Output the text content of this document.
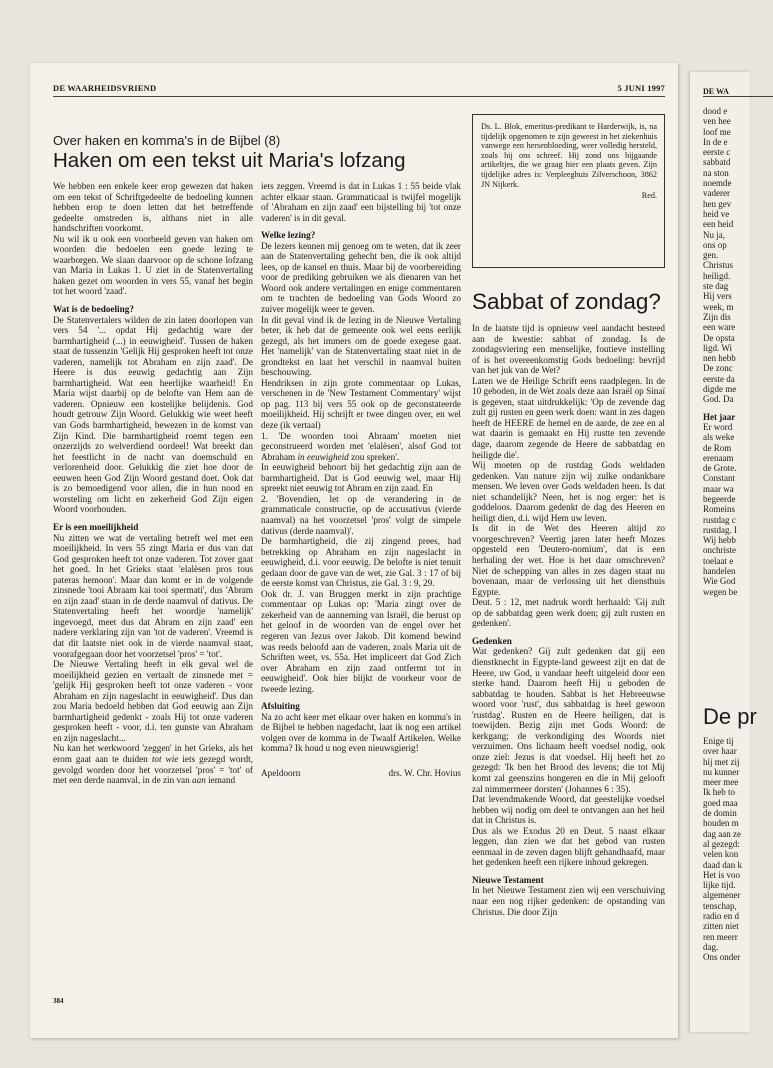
DE WAARHEIDSVRIEND	5 JUNI 1997
Over haken en komma's in de Bijbel (8)
Haken om een tekst uit Maria's lofzang

We hebben een enkele keer erop gewezen dat haken om een tekst of Schriftgedeelte de bedoeling kunnen hebben erop te doen letten dat het betreffende gedeelte omstreden is, althans niet in alle handschriften voorkomt.

Nu wil ik u ook een voorbeeld geven van haken om woorden die bedoelen een goede lezing te waarborgen. We slaan daarvoor op de schone lofzang van Maria in Lukas 1. U ziet in de Statenvertaling haken gezet om woorden in vers 55, vanaf het begin tot het woord 'zaad'.

Wat is de bedoeling?

De Statenvertalers wilden de zin laten doorlopen van vers 54 '... opdat Hij gedachtig ware der barmhartigheid (...) in eeuwigheid'. Tussen de haken staat de tussenzin 'Gelijk Hij gesproken heeft tot onze vaderen, namelijk tot Abraham en zijn zaad'. De Heere is dus eeuwig gedachtig aan Zijn barmhartigheid. Wat een heerlijke waarheid! En Maria wijst daarbij op de belofte van Hem aan de vaderen. Opnieuw een kostelijke belijdenis. God houdt getrouw Zijn Woord. Gelukkig wie weet heeft van Gods barmhartigheid, bewezen in de komst van Zijn Kind. Die barmhartigheid roemt tegen een onzerzijds zo welverdiend oordeel! Wat breekt dan het feestlicht in de nacht van doemschuld en verlorenheid door. Gelukkig die ziet hoe door de eeuwen heen God Zijn Woord gestand doet. Ook dat is zo bemoedigend voor allen, die in hun nood en worsteling om licht en zekerheid God Zijn eigen Woord voorhouden.

Er is een moeilijkheid

Nu zitten we wat de vertaling betreft wel met een moeilijkheid. In vers 55 zingt Maria er dus van dat God gesproken heeft tot onze vaderen. Tot zover gaat het goed. In het Grieks staat 'elalèsen pros tous pateras hemoon'. Maar dan komt er in de volgende zinsnede 'tooi Abraam kai tooi spermati', dus 'Abram en zijn zaad' staan in de derde naamval of dativus. De Statenvertaling heeft het woordje 'namelijk' ingevoegd, meet dus dat Abram en zijn zaad' een nadere verklaring zijn van 'tot de vaderen'. Vreemd is dat dit laatste niet ook in de vierde naamval staat, voorafgegaan door het voorzetsel 'pros' = 'tot'.

De Nieuwe Vertaling heeft in elk geval wel de moeilijkheid gezien en vertaalt de zinsnede met = 'gelijk Hij gesproken heeft tot onze vaderen - voor Abraham en zijn nageslacht in eeuwigheid'. Dus dan zou Maria bedoeld hebben dat God eeuwig aan Zijn barmhartigheid gedenkt - zoals Hij tot onze vaderen gesproken heeft - voor, d.i. ten gunste van Abraham en zijn nageslacht...

Nu kan het werkwoord 'zeggen' in het Grieks, als het erom gaat aan te duiden tot wie iets gezegd wordt, gevolgd worden door het voorzetsel 'pros' = 'tot' of met een derde naamval, in de zin van aan iemand

iets zeggen. Vreemd is dat in Lukas 1 : 55 beide vlak achter elkaar staan. Grammaticaal is twijfel mogelijk of 'Abraham en zijn zaad' een bijstelling bij 'tot onze vaderen' is in dit geval.

Welke lezing?

De lezers kennen mij genoeg om te weten, dat ik zeer aan de Statenvertaling gehecht ben, die ik ook altijd lees, op de kansel en thuis. Maar bij de voorbereiding voor de prediking gebruiken we als dienaren van het Woord ook andere vertalingen en enige commentaren om te trachten de bedoeling van Gods Woord zo zuiver mogelijk weer te geven.

In dit geval vind ik de lezing in de Nieuwe Vertaling beter, ik heb dat de gemeente ook wel eens eerlijk gezegd, als het immers om de goede exegese gaat. Het 'namelijk' van de Statenvertaling staat niet in de grondtekst en laat het verschil in naamval buiten beschouwing.

Hendriksen in zijn grote commentaar op Lukas, verschenen in de 'New Testament Commentary' wijst op pag. 113 bij vers 55 ook op de geconstateerde moeilijkheid. Hij schrijft er twee dingen over, en wel deze (ik vertaal)

1. 'De woorden tooi Abraam' moeten niet geconstrueerd worden met 'elalèsen', alsof God tot Abraham in eeuwigheid zou spreken'.

In eeuwigheid behoort bij het gedachtig zijn aan de barmhartigheid. Dat is God eeuwig wel, maar Hij spreekt niet eeuwig tot Abram en zijn zaad. En

2. 'Bovendien, let op de verandering in de grammaticale constructie, op de accusativus (vierde naamval) na het voorzetsel 'pros' volgt de simpele dativus (derde naamval)'.

De barmhartigheid, die zij zingend prees, had betrekking op Abraham en zijn nageslacht in eeuwigheid, d.i. voor eeuwig. De belofte is niet tenuit gedaan door de gave van de wet, zie Gal. 3 : 17 of bij de eerste komst van Christus, zie Gal. 3 : 9, 29.

Ook dr. J. van Bruggen merkt in zijn prachtige commentaar op Lukas op: 'Maria zingt over de zekerheid van de aanneming van Israël, die berust op het geloof in de woorden van de engel over het regeren van Jezus over Jakob. Dit komend bewind was reeds beloofd aan de vaderen, zoals Maria uit de Schriften weet, vs. 55a. Het impliceert dat God Zich over Abraham en zijn zaad ontfermt tot in eeuwigheid'. Ook hier blijkt de voorkeur voor de tweede lezing.

Afsluiting

Na zo acht keer met elkaar over haken en komma's in de Bijbel te hebben nagedacht, laat ik nog een artikel volgen over de komma in de Twaalf Artikelen. Welke komma? Ik houd u nog even nieuwsgierig!

Apeldoorn	drs. W. Chr. Hovius

Ds. L. Blok, emeritus-predikant te Harderwijk, is, na tijdelijk opgenomen te zijn geweest in het ziekenhuis vanwege een hersenbloeding, weer volledig hersteld, zoals hij ons schreef. Hij zond ons bijgaande artikeltjes, die we graag hier een plaats geven. Zijn tijdelijke adres is: Verpleeghuis Zilverschoon, 3862 JN Nijkerk.
Red.
Sabbat of zondag?

In de laatste tijd is opnieuw veel aandacht besteed aan de kwestie: sabbat of zondag. Is de zondagsviering een menselijke, foutieve instelling of is het overeenkomstig Gods bedoeling: bevrijd van het juk van de Wet?

Laten we de Heilige Schrift eens raadplegen. In de 10 geboden, in de Wet zoals deze aan Israël op Sinaï is gegeven, staat uitdrukkelijk: 'Op de zevende dag zult gij rusten en geen werk doen: want in zes dagen heeft de HEERE de hemel en de aarde, de zee en al wat daarin is gemaakt en Hij rustte ten zevende dage, daarom zegende de Heere de sabbatdag en heiligde die'.

Wij moeten op de rustdag Gods weldaden gedenken. Van nature zijn wij zulke ondankbare mensen. We leven over Gods weldaden heen. Is dat niet schandelijk? Neen, het is nog erger: het is goddeloos. Daarom gedenkt de dag des Heeren en heiligt dien, d.i. wijd Hem uw leven.

Is dit in de Wet des Heeren altijd zo voorgeschreven? Veertig jaren later heeft Mozes opgesteld een 'Deutero-nomium', dat is een herhaling der wet. Hoe is het daar omschreven? Niet de schepping van alles in zes dagen staat nu bovenaan, maar de verlossing uit het diensthuis Egypte.

Deut. 5 : 12, met nadruk wordt herhaald: 'Gij zult op de sabbatdag geen werk doen; gij zult rusten en gedenken'.

Gedenken

Wat gedenken? Gij zult gedenken dat gij een dienstknecht in Egypte-land geweest zijt en dat de Heere, uw God, u vandaar heeft uitgeleid door een sterke hand. Daarom heeft Hij u geboden de sabbatdag te houden. Sabbat is het Hebreeuwse woord voor 'rust', dus sabbatdag is heel gewoon 'rustdag'. Rusten en de Heere heiligen, dat is toewijden. Bezig zijn met Gods Woord: de kerkgang; de verkondiging des Woords niet verzuimen. Ons lichaam heeft voedsel nodig, ook onze ziel: Jezus is dat voedsel. Hij heeft het zo gezegd: 'Ik ben het Brood des levens; die tot Mij komt zal geenszins hongeren en die in Mij gelooft zal nimmermeer dorsten' (Johannes 6 : 35).

Dat levendmakende Woord, dat geestelijke voedsel hebben wij nodig om deel te ontvangen aan het heil dat in Christus is.

Dus als we Exodus 20 en Deut. 5 naast elkaar leggen, dan zien we dat het gebod van rusten eenmaal in de zeven dagen blijft gehandhaafd, maar het gedenken heeft een rijkere inhoud gekregen.

Nieuwe Testament

In het Nieuwe Testament zien wij een verschuiving naar een nog rijker gedenken: de opstanding van Christus. Die door Zijn

384
DE WA

dood e

ven hee

loof me

In de e

eerste c

sabbatd

na ston

noemde

vaderer

hen gev

heid ve

een heid

Nu ja,

ons op

gen.

Christus

heiligd.

ste dag

Hij vers

week, m

Zijn dis

een ware

De opsta

ligd. Wi

nen hebb

De zonc

eerste da

digde me

God. Da

Het jaar

Er word

als weke

de Rom

erenaam

de Grote.

Constant

maar wa

begeerde

Romeins

rustdag c

rustdag. I

Wij hebb

onchriste

toelaat e

handelen

Wie God

wegen be

De pr

Enige tij

over haar

hij met zij

nu kunner

meer mee

Ik heb to

goed maa

de domin

houden m

dag aan ze

al gezegd:

velen kon

daad dan k

Het is voo

lijke tijd.

algemener

tenschap,

radio en d

zitten niet

ren meerr

dag.

Ons onder
